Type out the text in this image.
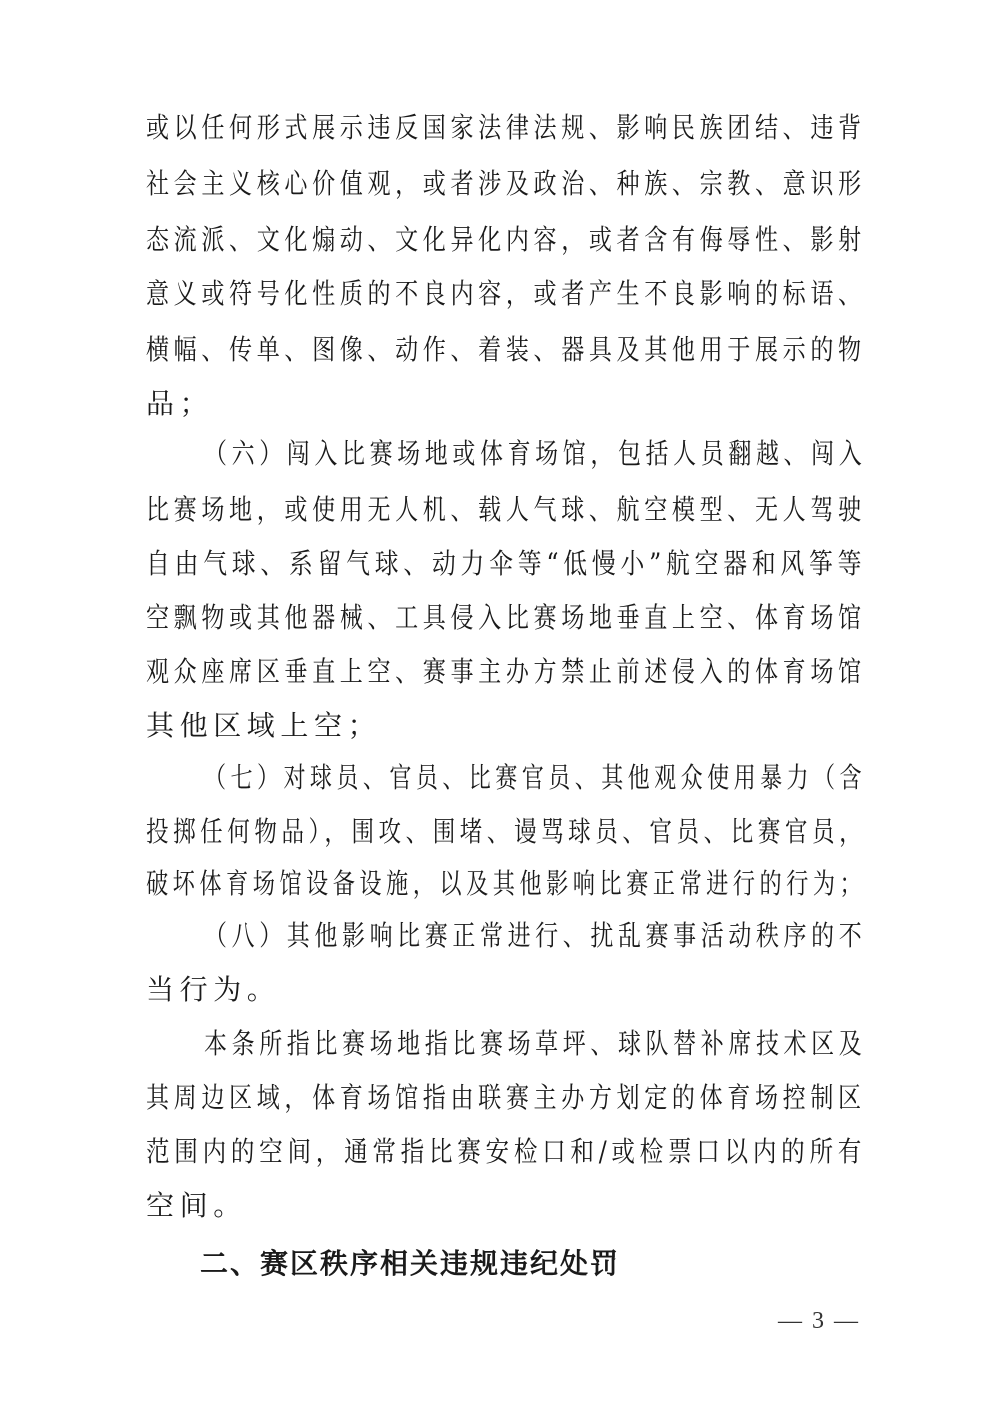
或以任何形式展示违反国家法律法规、影响民族团结、违背
社会主义核心价值观，或者涉及政治、种族、宗教、意识形
态流派、文化煽动、文化异化内容，或者含有侮辱性、影射
意义或符号化性质的不良内容，或者产生不良影响的标语、
横幅、传单、图像、动作、着装、器具及其他用于展示的物
品；
（六）闯入比赛场地或体育场馆，包括人员翻越、闯入
比赛场地，或使用无人机、载人气球、航空模型、无人驾驶
自由气球、系留气球、动力伞等“低慢小”航空器和风筝等
空飘物或其他器械、工具侵入比赛场地垂直上空、体育场馆
观众座席区垂直上空、赛事主办方禁止前述侵入的体育场馆
其他区域上空；
（七）对球员、官员、比赛官员、其他观众使用暴力（含
投掷任何物品），围攻、围堵、谩骂球员、官员、比赛官员，
破坏体育场馆设备设施，以及其他影响比赛正常进行的行为；
（八）其他影响比赛正常进行、扰乱赛事活动秩序的不
当行为。
本条所指比赛场地指比赛场草坪、球队替补席技术区及
其周边区域，体育场馆指由联赛主办方划定的体育场控制区
范围内的空间，通常指比赛安检口和/或检票口以内的所有
空间。
二、赛区秩序相关违规违纪处罚
— 3 —
